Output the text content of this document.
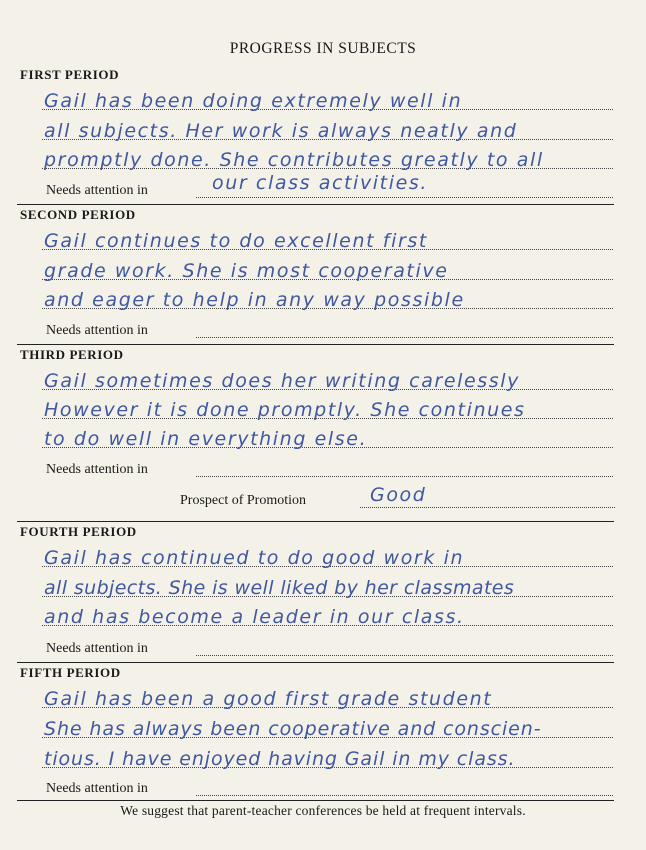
PROGRESS IN SUBJECTS
FIRST PERIOD
Gail has been doing extremely well in
all subjects. Her work is always neatly and
promptly done. She contributes greatly to all
Needs attention in	our class activities.
SECOND PERIOD
Gail continues to do excellent first
grade work. She is most cooperative
and eager to help in any way possible
Needs attention in
THIRD PERIOD
Gail sometimes does her writing carelessly
However it is done promptly. She continues
to do well in everything else.
Needs attention in
Prospect of Promotion	Good
FOURTH PERIOD
Gail has continued to do good work in
all subjects. She is well liked by her classmates
and has become a leader in our class.
Needs attention in
FIFTH PERIOD
Gail has been a good first grade student
She has always been cooperative and conscien-
tious. I have enjoyed having Gail in my class.
Needs attention in
We suggest that parent-teacher conferences be held at frequent intervals.
